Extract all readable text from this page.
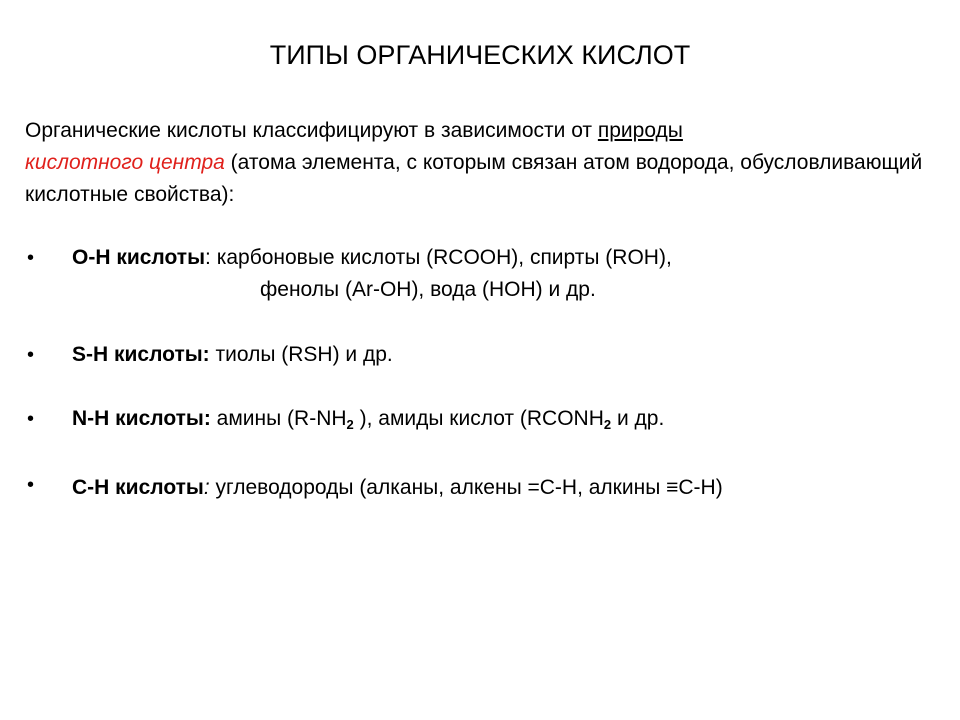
ТИПЫ ОРГАНИЧЕСКИХ КИСЛОТ
Органические кислоты классифицируют в зависимости от природы
кислотного центра (атома элемента, с которым связан атом водорода, обусловливающий кислотные свойства):
• О-Н кислоты: карбоновые кислоты (RCOOH), спирты (ROH),
фенолы (Ar-OH), вода (HOH) и др.
• S-H кислоты: тиолы (RSH) и др.
• N-H кислоты: амины ($R-NH_2$ ), амиды кислот ($RCONH_2$ и др.
• С-Н кислоты: углеводороды (алканы, алкены =С-Н, алкины ≡С-Н)
